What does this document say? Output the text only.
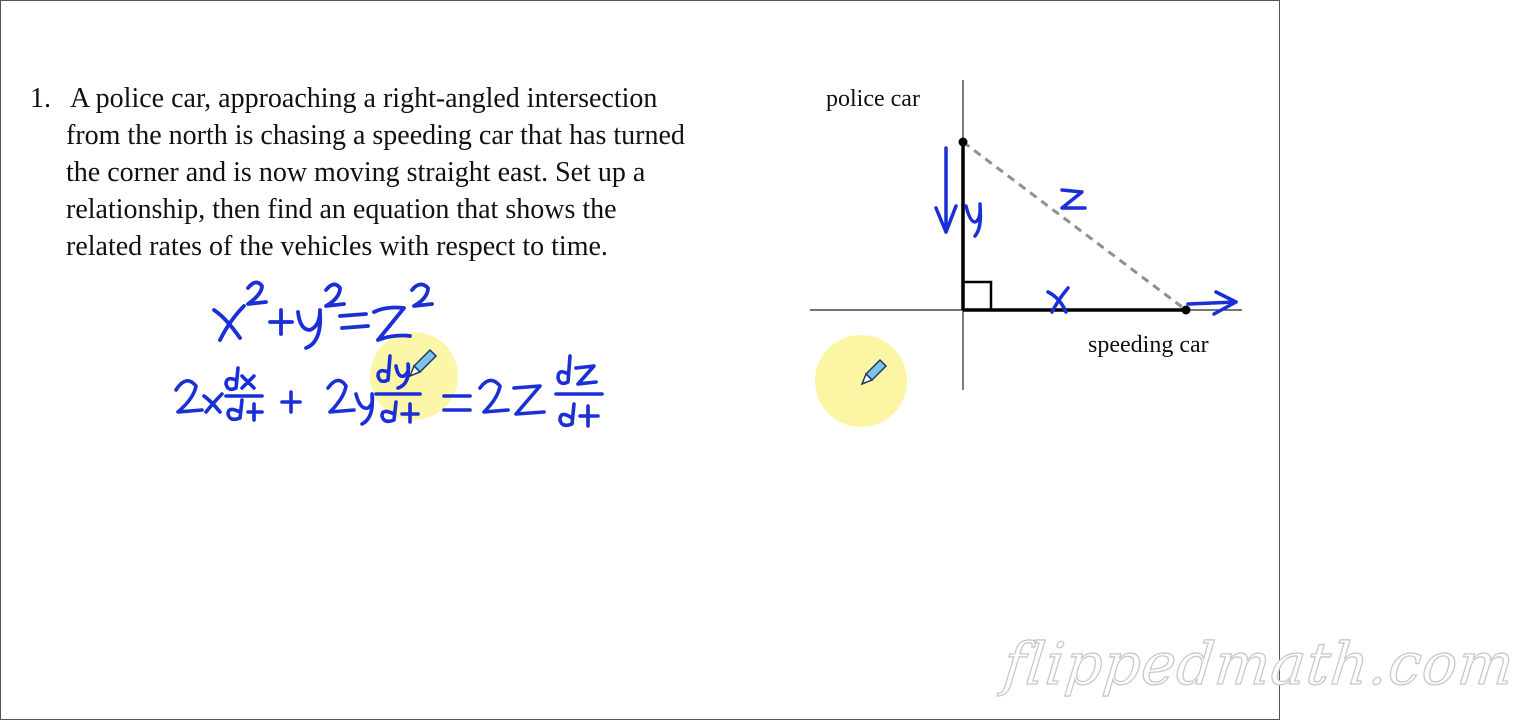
1. A police car, approaching a right-angled intersection
from the north is chasing a speeding car that has turned
the corner and is now moving straight east. Set up a
relationship, then find an equation that shows the
related rates of the vehicles with respect to time.
police car
speeding car
flippedmath.com
